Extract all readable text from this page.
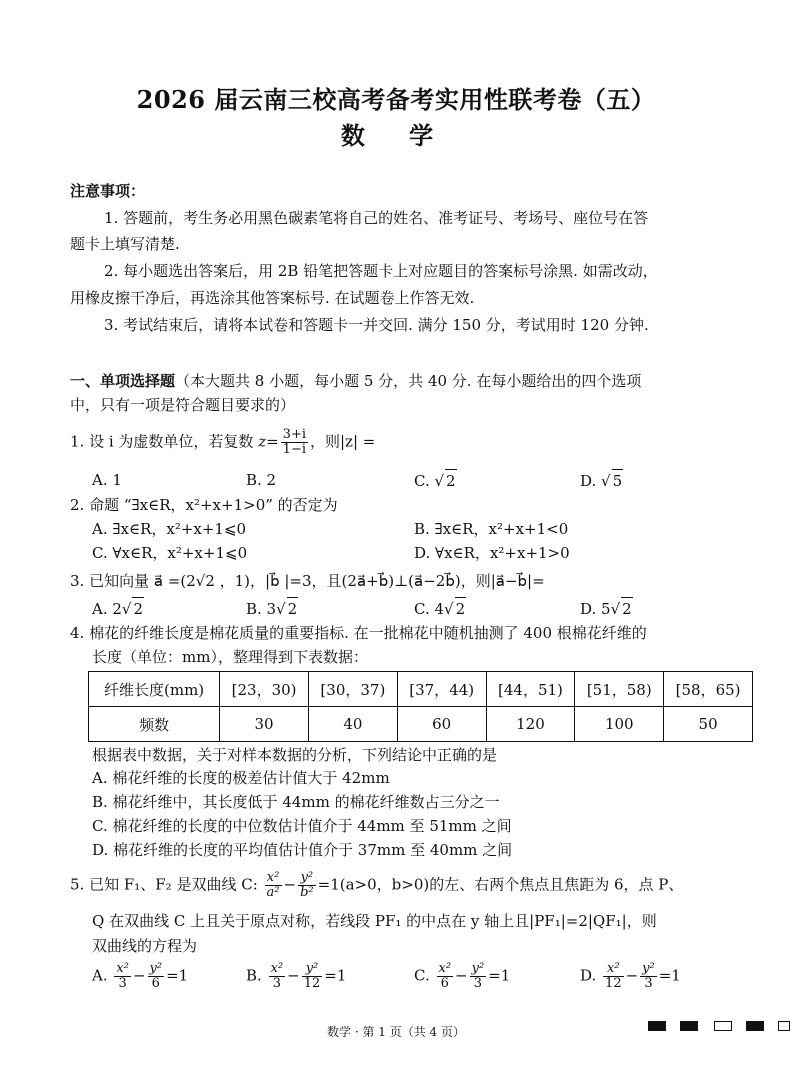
2026 届云南三校高考备考实用性联考卷（五）
数 学
注意事项：
1. 答题前，考生务必用黑色碳素笔将自己的姓名、准考证号、考场号、座位号在答
题卡上填写清楚.
2. 每小题选出答案后，用 2B 铅笔把答题卡上对应题目的答案标号涂黑. 如需改动，
用橡皮擦干净后，再选涂其他答案标号. 在试题卷上作答无效.
3. 考试结束后，请将本试卷和答题卡一并交回. 满分 150 分，考试用时 120 分钟.
一、单项选择题（本大题共 8 小题，每小题 5 分，共 40 分. 在每小题给出的四个选项
中，只有一项是符合题目要求的）
1. 设 i 为虚数单位，若复数 $z= \frac{3+i}{1-i}$ ，则|z| =
A. 1	B. 2	C. √ 2	D. √ 5
2. 命题 “∃x∈R，x²+x+1>0” 的否定为
A. ∃x∈R，x²+x+1⩽0	B. ∃x∈R，x²+x+1<0
C. ∀x∈R，x²+x+1⩽0	D. ∀x∈R，x²+x+1>0
3. 已知向量 a⃗ =(2√2 ，1)，|b⃗ |=3，且(2a⃗+b⃗)⊥(a⃗−2b⃗)，则|a⃗−b⃗|=
A. 2√ 2	B. 3√ 2	C. 4√ 2	D. 5√ 2
4. 棉花的纤维长度是棉花质量的重要指标. 在一批棉花中随机抽测了 400 根棉花纤维的
长度（单位：mm），整理得到下表数据：
纤维长度(mm)	[23，30)	[30，37)	[37，44)	[44，51)	[51，58)	[58，65)
频数	30	40	60	120	100	50
根据表中数据，关于对样本数据的分析，下列结论中正确的是
A. 棉花纤维的长度的极差估计值大于 42mm
B. 棉花纤维中，其长度低于 44mm 的棉花纤维数占三分之一
C. 棉花纤维的长度的中位数估计值介于 44mm 至 51mm 之间
D. 棉花纤维的长度的平均值估计值介于 37mm 至 40mm 之间
5. 已知 F₁、F₂ 是双曲线 C: $\frac{\text{x²}}{\text{a²}} - \frac{\text{y²}}{\text{b²}} =1(a>0$，b>0)的左、右两个焦点且焦距为 6，点 P、
Q 在双曲线 C 上且关于原点对称，若线段 PF₁ 的中点在 y 轴上且|PF₁|=2|QF₁|，则
双曲线的方程为
A. $\frac{\text{x²}}{3} - \frac{\text{y²}}{6} =1$	B. $\frac{\text{x²}}{3} - \frac{\text{y²}}{12} =1$	C. $\frac{\text{x²}}{6} - \frac{\text{y²}}{3} =1$	D. $\frac{\text{x²}}{12} - \frac{\text{y²}}{3} =1$
数学 · 第 1 页（共 4 页）
